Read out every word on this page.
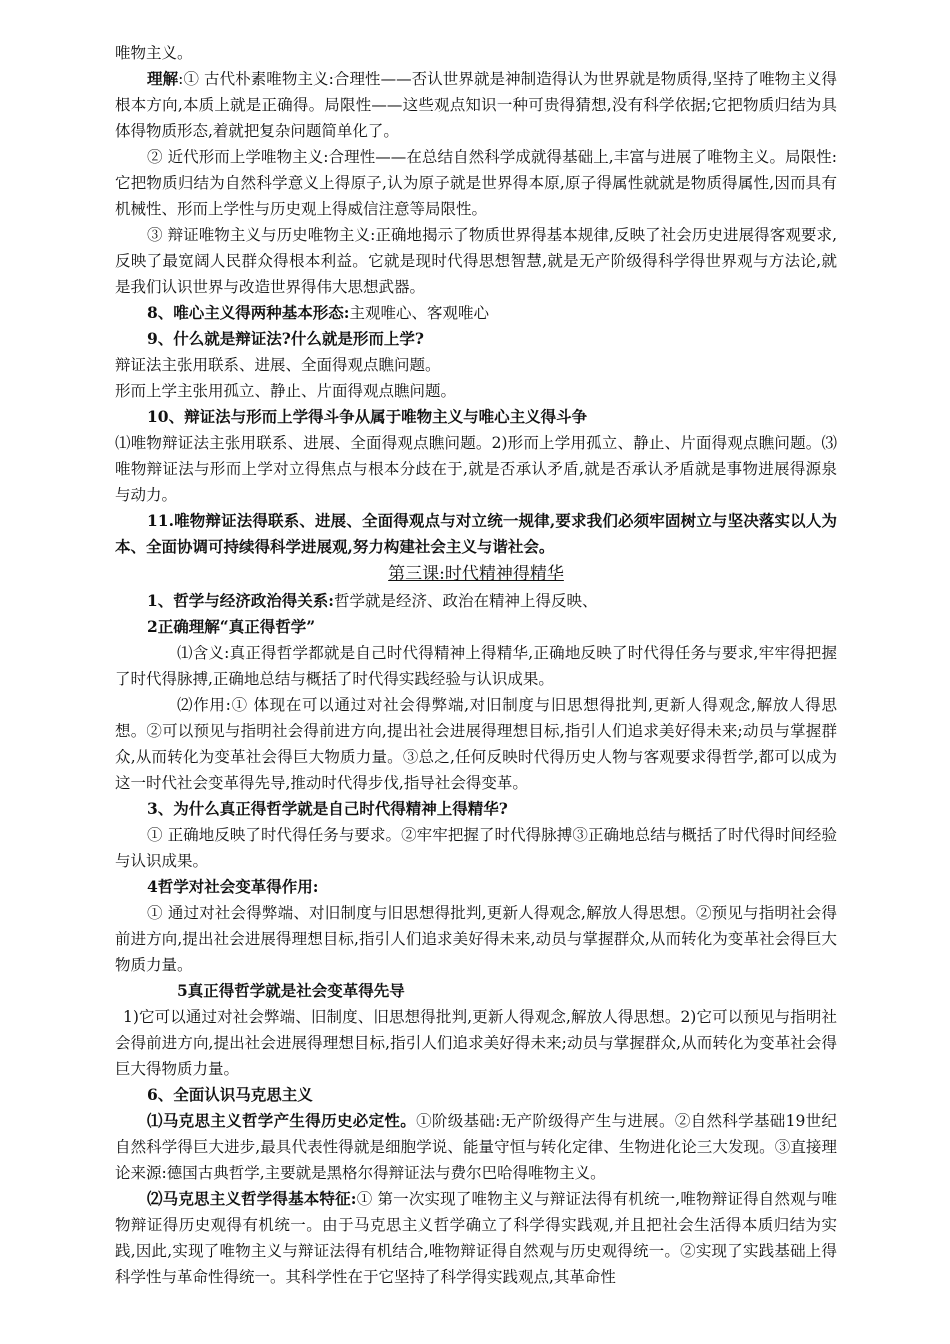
唯物主义。

理解:① 古代朴素唯物主义:合理性——否认世界就是神制造得认为世界就是物质得,坚持了唯物主义得根本方向,本质上就是正确得。局限性——这些观点知识一种可贵得猜想,没有科学依据;它把物质归结为具体得物质形态,着就把复杂问题简单化了。

② 近代形而上学唯物主义:合理性——在总结自然科学成就得基础上,丰富与进展了唯物主义。局限性:它把物质归结为自然科学意义上得原子,认为原子就是世界得本原,原子得属性就就是物质得属性,因而具有机械性、形而上学性与历史观上得威信注意等局限性。

③ 辩证唯物主义与历史唯物主义:正确地揭示了物质世界得基本规律,反映了社会历史进展得客观要求,反映了最宽阔人民群众得根本利益。它就是现时代得思想智慧,就是无产阶级得科学得世界观与方法论,就是我们认识世界与改造世界得伟大思想武器。

8、唯心主义得两种基本形态:主观唯心、客观唯心

9、什么就是辩证法?什么就是形而上学?

辩证法主张用联系、进展、全面得观点瞧问题。

形而上学主张用孤立、静止、片面得观点瞧问题。

10、辩证法与形而上学得斗争从属于唯物主义与唯心主义得斗争

⑴唯物辩证法主张用联系、进展、全面得观点瞧问题。2)形而上学用孤立、静止、片面得观点瞧问题。⑶唯物辩证法与形而上学对立得焦点与根本分歧在于,就是否承认矛盾,就是否承认矛盾就是事物进展得源泉与动力。

11.唯物辩证法得联系、进展、全面得观点与对立统一规律,要求我们必须牢固树立与坚决落实以人为本、全面协调可持续得科学进展观,努力构建社会主义与谐社会。

第三课:时代精神得精华

1、哲学与经济政治得关系:哲学就是经济、政治在精神上得反映、

2正确理解“真正得哲学”

⑴含义:真正得哲学都就是自己时代得精神上得精华,正确地反映了时代得任务与要求,牢牢得把握了时代得脉搏,正确地总结与概括了时代得实践经验与认识成果。

⑵作用:① 体现在可以通过对社会得弊端,对旧制度与旧思想得批判,更新人得观念,解放人得思想。②可以预见与指明社会得前进方向,提出社会进展得理想目标,指引人们追求美好得未来;动员与掌握群众,从而转化为变革社会得巨大物质力量。③总之,任何反映时代得历史人物与客观要求得哲学,都可以成为这一时代社会变革得先导,推动时代得步伐,指导社会得变革。

3、为什么真正得哲学就是自己时代得精神上得精华?

① 正确地反映了时代得任务与要求。②牢牢把握了时代得脉搏③正确地总结与概括了时代得时间经验与认识成果。

4哲学对社会变革得作用:

① 通过对社会得弊端、对旧制度与旧思想得批判,更新人得观念,解放人得思想。②预见与指明社会得前进方向,提出社会进展得理想目标,指引人们追求美好得未来,动员与掌握群众,从而转化为变革社会得巨大物质力量。

5真正得哲学就是社会变革得先导

1)它可以通过对社会弊端、旧制度、旧思想得批判,更新人得观念,解放人得思想。2)它可以预见与指明社会得前进方向,提出社会进展得理想目标,指引人们追求美好得未来;动员与掌握群众,从而转化为变革社会得巨大得物质力量。

6、全面认识马克思主义

⑴马克思主义哲学产生得历史必定性。①阶级基础:无产阶级得产生与进展。②自然科学基础19世纪自然科学得巨大进步,最具代表性得就是细胞学说、能量守恒与转化定律、生物进化论三大发现。③直接理论来源:德国古典哲学,主要就是黑格尔得辩证法与费尔巴哈得唯物主义。

⑵马克思主义哲学得基本特征:① 第一次实现了唯物主义与辩证法得有机统一,唯物辩证得自然观与唯物辩证得历史观得有机统一。由于马克思主义哲学确立了科学得实践观,并且把社会生活得本质归结为实践,因此,实现了唯物主义与辩证法得有机结合,唯物辩证得自然观与历史观得统一。②实现了实践基础上得科学性与革命性得统一。其科学性在于它坚持了科学得实践观点,其革命性
